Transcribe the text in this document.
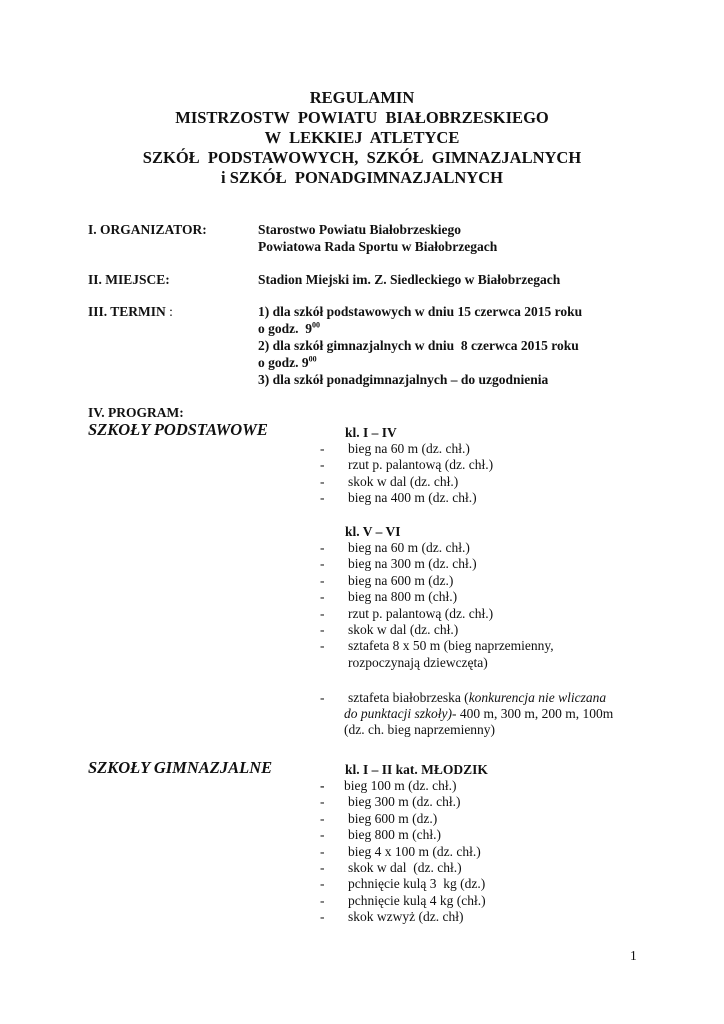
REGULAMIN
MISTRZOSTW  POWIATU  BIAŁOBRZESKIEGO
W  LEKKIEJ  ATLETYCE
SZKÓŁ  PODSTAWOWYCH,  SZKÓŁ  GIMNAZJALNYCH
i SZKÓŁ  PONADGIMNAZJALNYCH
I. ORGANIZATOR:	Starostwo Powiatu Białobrzeskiego
Powiatowa Rada Sportu w Białobrzegach
II. MIEJSCE:	Stadion Miejski im. Z. Siedleckiego w Białobrzegach
III. TERMIN :	1) dla szkół podstawowych w dniu 15 czerwca 2015 roku
o godz.  $9^{00}$
2) dla szkół gimnazjalnych w dniu  8 czerwca 2015 roku
o godz. $9^{00}$
3) dla szkół ponadgimnazjalnych – do uzgodnienia
IV. PROGRAM:
SZKOŁY PODSTAWOWE	kl. I – IV
- bieg na 60 m (dz. chł.)
- rzut p. palantową (dz. chł.)
- skok w dal (dz. chł.)
- bieg na 400 m (dz. chł.)
kl. V – VI
- bieg na 60 m (dz. chł.)
- bieg na 300 m (dz. chł.)
- bieg na 600 m (dz.)
- bieg na 800 m (chł.)
- rzut p. palantową (dz. chł.)
- skok w dal (dz. chł.)
- sztafeta 8 x 50 m (bieg naprzemienny,
rozpoczynają dziewczęta)
- sztafeta białobrzeska (konkurencja nie wliczana
do punktacji szkoły)- 400 m, 300 m, 200 m, 100m
(dz. ch. bieg naprzemienny)
SZKOŁY GIMNAZJALNE	kl. I – II kat. MŁODZIK
- bieg 100 m (dz. chł.)
- bieg 300 m (dz. chł.)
- bieg 600 m (dz.)
- bieg 800 m (chł.)
- bieg 4 x 100 m (dz. chł.)
- skok w dal  (dz. chł.)
- pchnięcie kulą 3  kg (dz.)
- pchnięcie kulą 4 kg (chł.)
- skok wzwyż (dz. chł)
1
